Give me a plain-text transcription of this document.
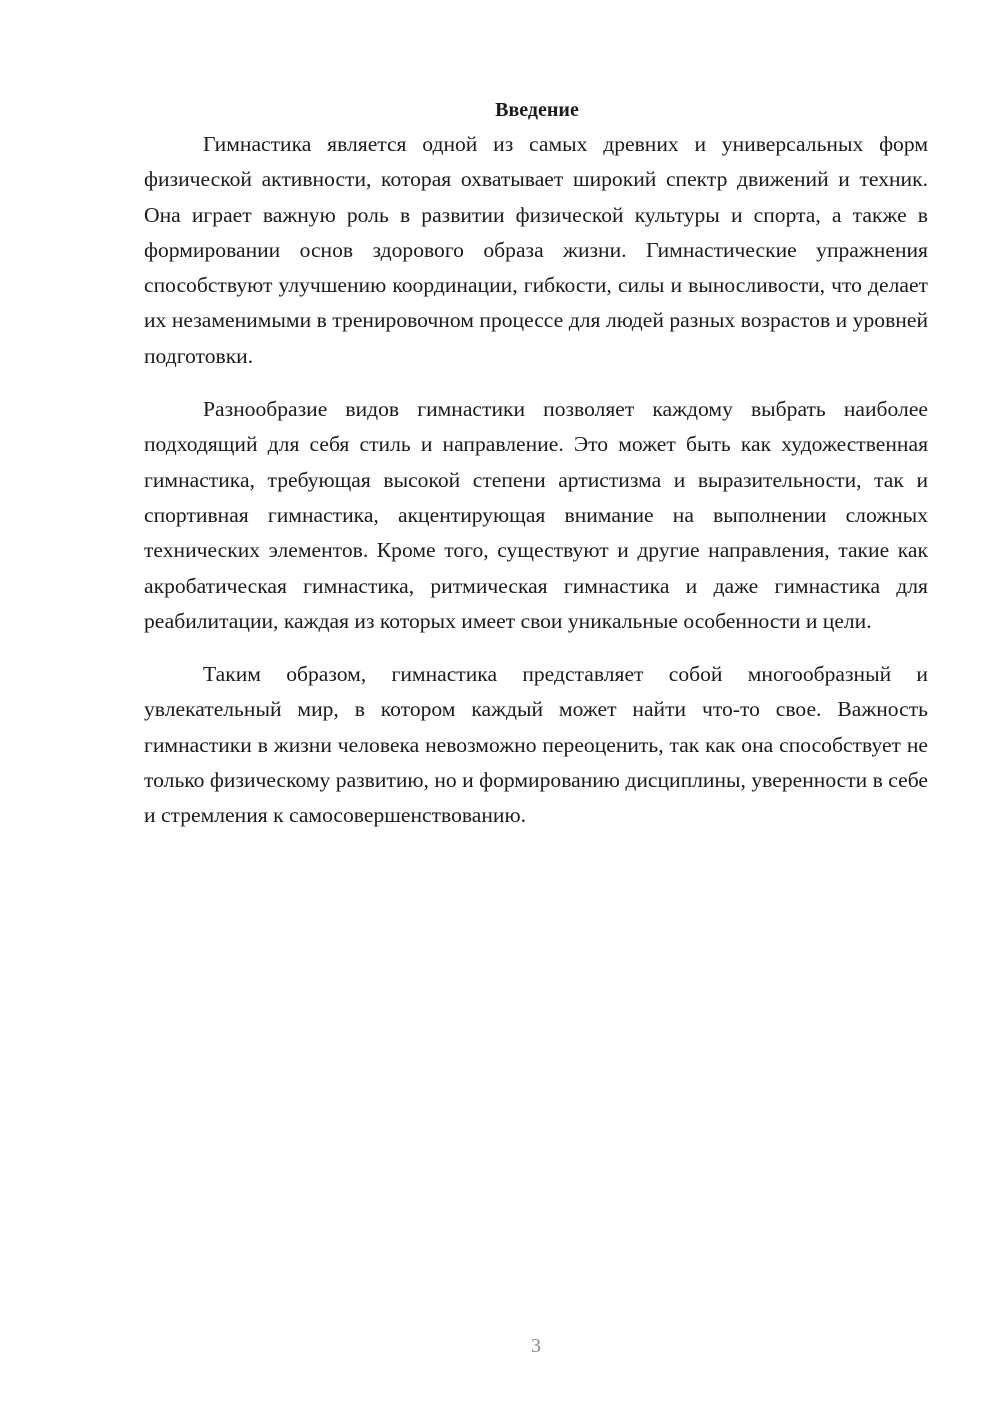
Введение

Гимнастика является одной из самых древних и универсальных форм физической активности, которая охватывает широкий спектр движений и техник. Она играет важную роль в развитии физической культуры и спорта, а также в формировании основ здорового образа жизни. Гимнастические упражнения способствуют улучшению координации, гибкости, силы и выносливости, что делает их незаменимыми в тренировочном процессе для людей разных возрастов и уровней подготовки.

Разнообразие видов гимнастики позволяет каждому выбрать наиболее подходящий для себя стиль и направление. Это может быть как художественная гимнастика, требующая высокой степени артистизма и выразительности, так и спортивная гимнастика, акцентирующая внимание на выполнении сложных технических элементов. Кроме того, существуют и другие направления, такие как акробатическая гимнастика, ритмическая гимнастика и даже гимнастика для реабилитации, каждая из которых имеет свои уникальные особенности и цели.

Таким образом, гимнастика представляет собой многообразный и увлекательный мир, в котором каждый может найти что-то свое. Важность гимнастики в жизни человека невозможно переоценить, так как она способствует не только физическому развитию, но и формированию дисциплины, уверенности в себе и стремления к самосовершенствованию.

3
